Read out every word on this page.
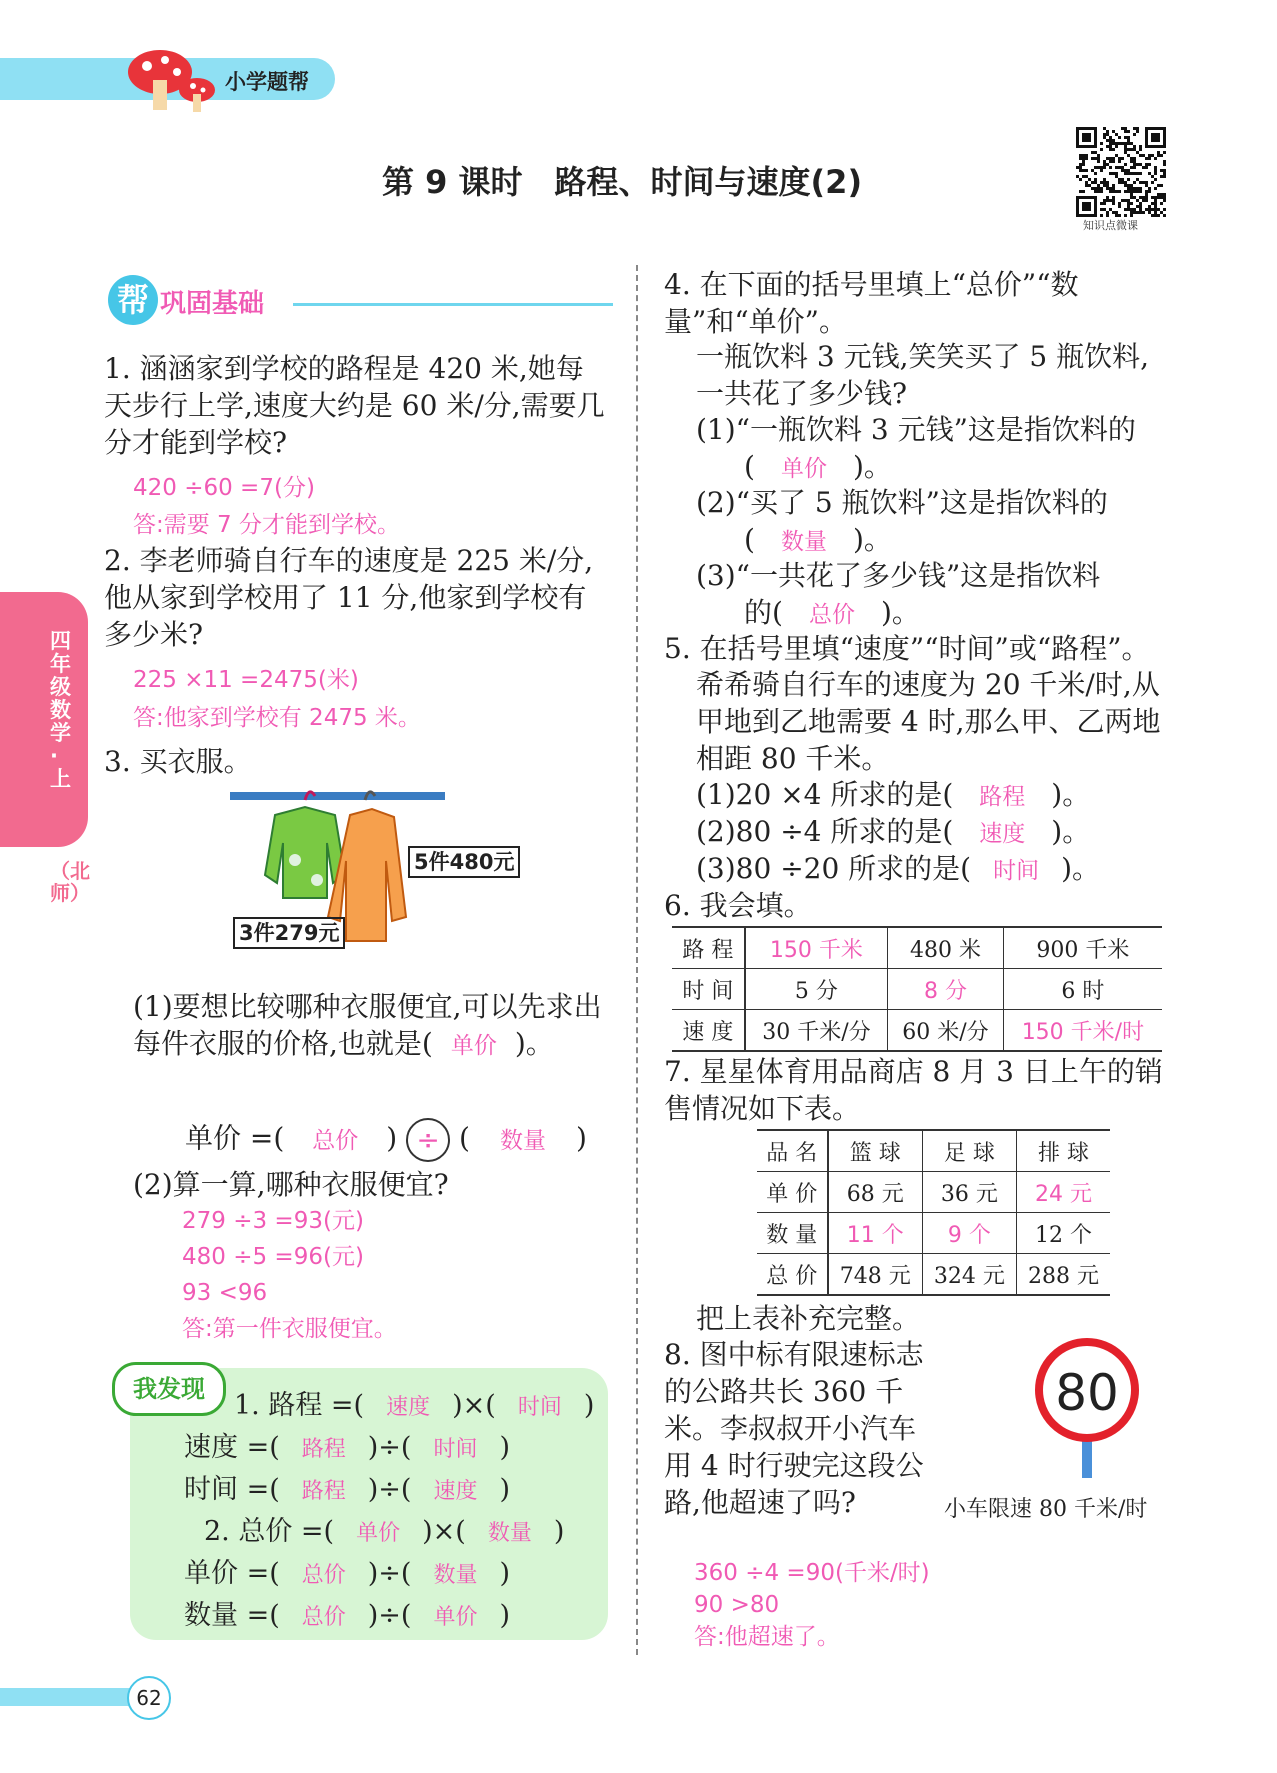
小学题帮
第 9 课时　路程、时间与速度(2)
知识点微课
四年级数学·上
（北师）
帮 巩固基础
1. 涵涵家到学校的路程是 420 米,她每天步行上学,速度大约是 60 米/分,需要几分才能到学校?
420 ÷60 =7(分)
答:需要 7 分才能到学校。
2. 李老师骑自行车的速度是 225 米/分,他从家到学校用了 11 分,他家到学校有多少米?
225 ×11 =2475(米)
答:他家到学校有 2475 米。
3. 买衣服。
3件279元
5件480元
(1)要想比较哪种衣服便宜,可以先求出每件衣服的价格,也就是( 单价 )。
单价 =( 总价 ) ÷ ( 数量 )
(2)算一算,哪种衣服便宜?
279 ÷3 =93(元)
480 ÷5 =96(元)
93 <96
答:第一件衣服便宜。
我发现
1. 路程 =( 速度 )×( 时间 )
速度 =( 路程 )÷( 时间 )
时间 =( 路程 )÷( 速度 )
2. 总价 =( 单价 )×( 数量 )
单价 =( 总价 )÷( 数量 )
数量 =( 总价 )÷( 单价 )
4. 在下面的括号里填上“总价”“数量”和“单价”。
一瓶饮料 3 元钱,笑笑买了 5 瓶饮料,一共花了多少钱?
(1)“一瓶饮料 3 元钱”这是指饮料的
( 单价 )。
(2)“买了 5 瓶饮料”这是指饮料的
( 数量 )。
(3)“一共花了多少钱”这是指饮料
的( 总价 )。
5. 在括号里填“速度”“时间”或“路程”。
希希骑自行车的速度为 20 千米/时,从甲地到乙地需要 4 时,那么甲、乙两地相距 80 千米。
(1)20 ×4 所求的是( 路程 )。
(2)80 ÷4 所求的是( 速度 )。
(3)80 ÷20 所求的是( 时间 )。
6. 我会填。
路 程	150 千米	480 米	900 千米
时 间	5 分	8 分	6 时
速 度	30 千米/分	60 米/分	150 千米/时
7. 星星体育用品商店 8 月 3 日上午的销售情况如下表。
品 名	篮 球	足 球	排 球
单 价	68 元	36 元	24 元
数 量	11 个	9 个	12 个
总 价	748 元	324 元	288 元
把上表补充完整。
8. 图中标有限速标志的公路共长 360 千米。李叔叔开小汽车用 4 时行驶完这段公路,他超速了吗?
80
小车限速 80 千米/时
360 ÷4 =90(千米/时)
90 >80
答:他超速了。
62
